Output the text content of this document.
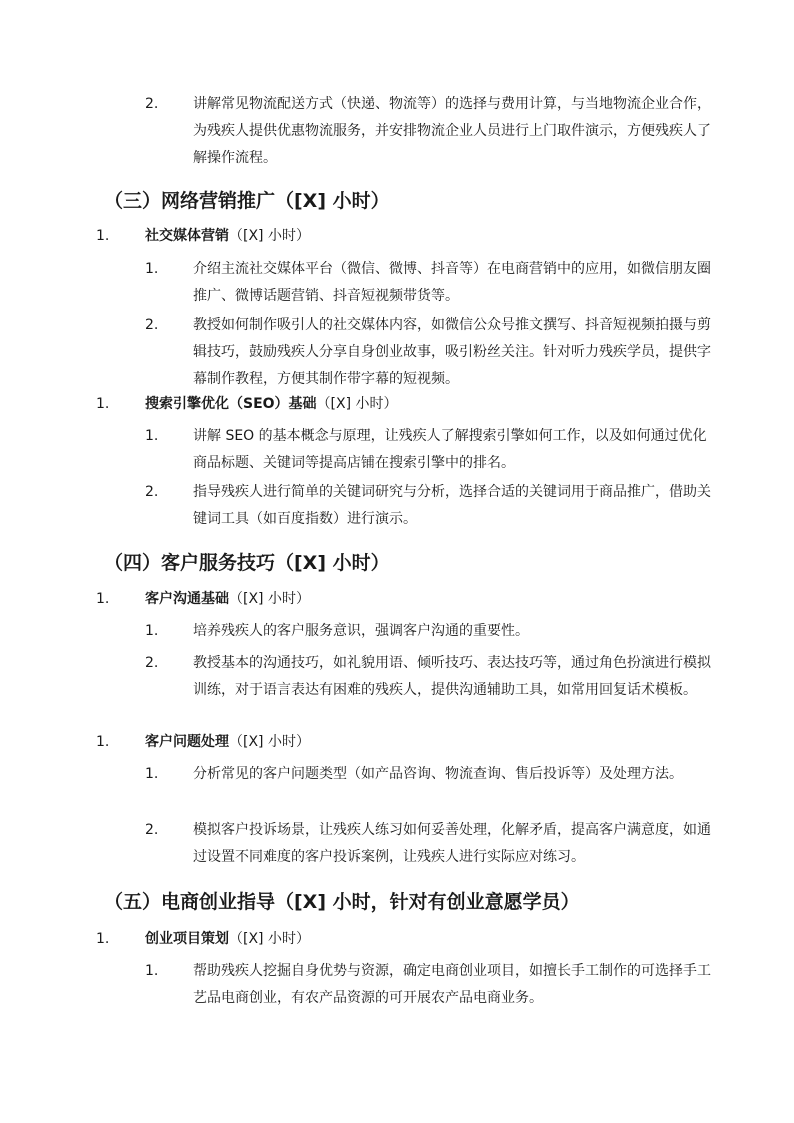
2. 讲解常见物流配送方式（快递、物流等）的选择与费用计算，与当地物流企业合作，为残疾人提供优惠物流服务，并安排物流企业人员进行上门取件演示，方便残疾人了解操作流程。
（三）网络营销推广（[X] 小时）
1.	社交媒体营销（[X] 小时）
1. 介绍主流社交媒体平台（微信、微博、抖音等）在电商营销中的应用，如微信朋友圈推广、微博话题营销、抖音短视频带货等。
2. 教授如何制作吸引人的社交媒体内容，如微信公众号推文撰写、抖音短视频拍摄与剪辑技巧，鼓励残疾人分享自身创业故事，吸引粉丝关注。针对听力残疾学员，提供字幕制作教程，方便其制作带字幕的短视频。
1.	搜索引擎优化（SEO）基础（[X] 小时）
1. 讲解 SEO 的基本概念与原理，让残疾人了解搜索引擎如何工作，以及如何通过优化商品标题、关键词等提高店铺在搜索引擎中的排名。
2. 指导残疾人进行简单的关键词研究与分析，选择合适的关键词用于商品推广，借助关键词工具（如百度指数）进行演示。
（四）客户服务技巧（[X] 小时）
1.	客户沟通基础（[X] 小时）
1. 培养残疾人的客户服务意识，强调客户沟通的重要性。
2. 教授基本的沟通技巧，如礼貌用语、倾听技巧、表达技巧等，通过角色扮演进行模拟训练，对于语言表达有困难的残疾人，提供沟通辅助工具，如常用回复话术模板。
1.	客户问题处理（[X] 小时）
1. 分析常见的客户问题类型（如产品咨询、物流查询、售后投诉等）及处理方法。
2. 模拟客户投诉场景，让残疾人练习如何妥善处理，化解矛盾，提高客户满意度，如通过设置不同难度的客户投诉案例，让残疾人进行实际应对练习。
（五）电商创业指导（[X] 小时，针对有创业意愿学员）
1.	创业项目策划（[X] 小时）
1. 帮助残疾人挖掘自身优势与资源，确定电商创业项目，如擅长手工制作的可选择手工艺品电商创业，有农产品资源的可开展农产品电商业务。
